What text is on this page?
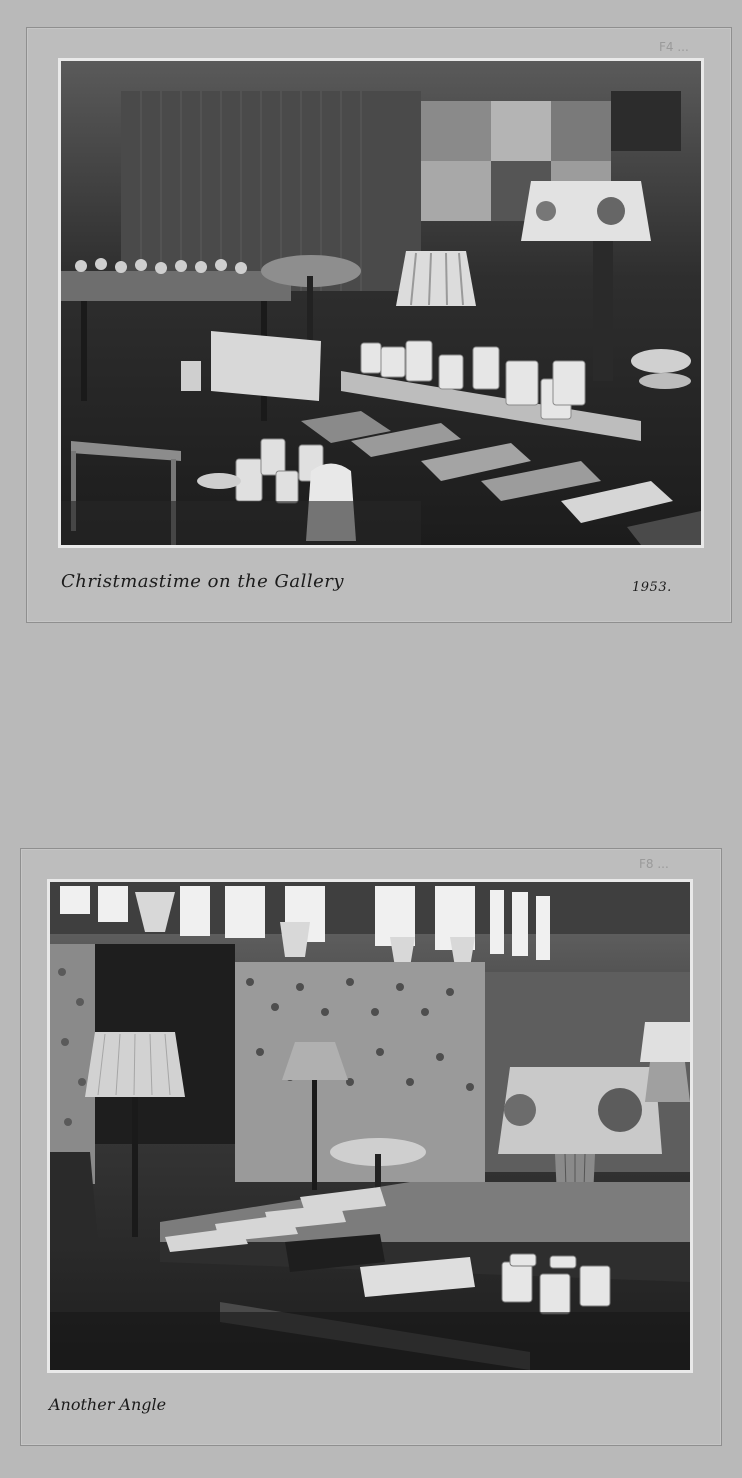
F4 ...
Christmastime on the Gallery	1953.
F8 ...
Another Angle
